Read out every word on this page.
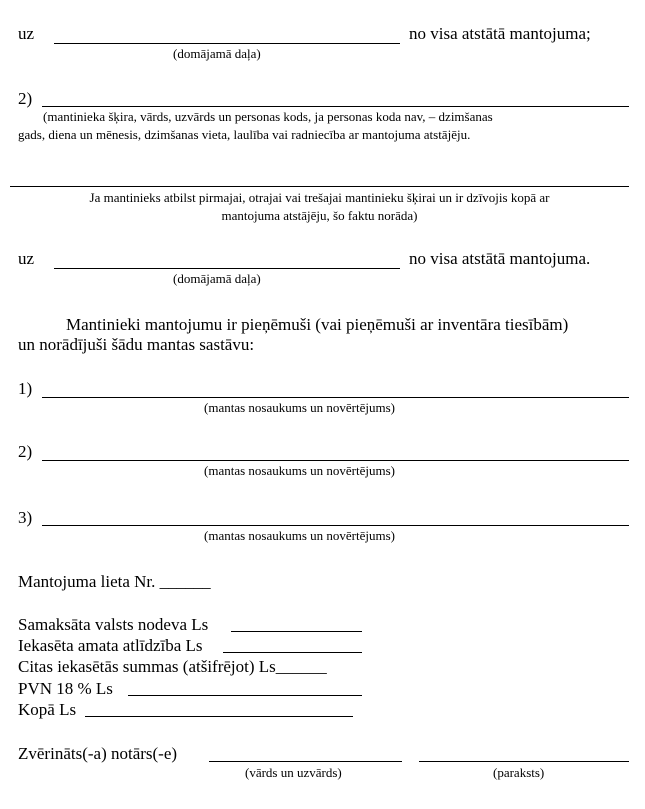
uz	no visa atstātā mantojuma;
(domājamā daļa)
2)
(mantinieka šķira, vārds, uzvārds un personas kods, ja personas koda nav, – dzimšanas
gads, diena un mēnesis, dzimšanas vieta, laulība vai radniecība ar mantojuma atstājēju.
Ja mantinieks atbilst pirmajai, otrajai vai trešajai mantinieku šķirai un ir dzīvojis kopā ar
mantojuma atstājēju, šo faktu norāda)
uz	no visa atstātā mantojuma.
(domājamā daļa)
Mantinieki mantojumu ir pieņēmuši (vai pieņēmuši ar inventāra tiesībām)
un norādījuši šādu mantas sastāvu:
1)
(mantas nosaukums un novērtējums)
2)
(mantas nosaukums un novērtējums)
3)
(mantas nosaukums un novērtējums)
Mantojuma lieta Nr. ______
Samaksāta valsts nodeva Ls
Iekasēta amata atlīdzība Ls
Citas iekasētās summas (atšifrējot) Ls______
PVN 18 % Ls
Kopā Ls
Zvērināts(-a) notārs(-e)
(vārds un uzvārds)	(paraksts)
